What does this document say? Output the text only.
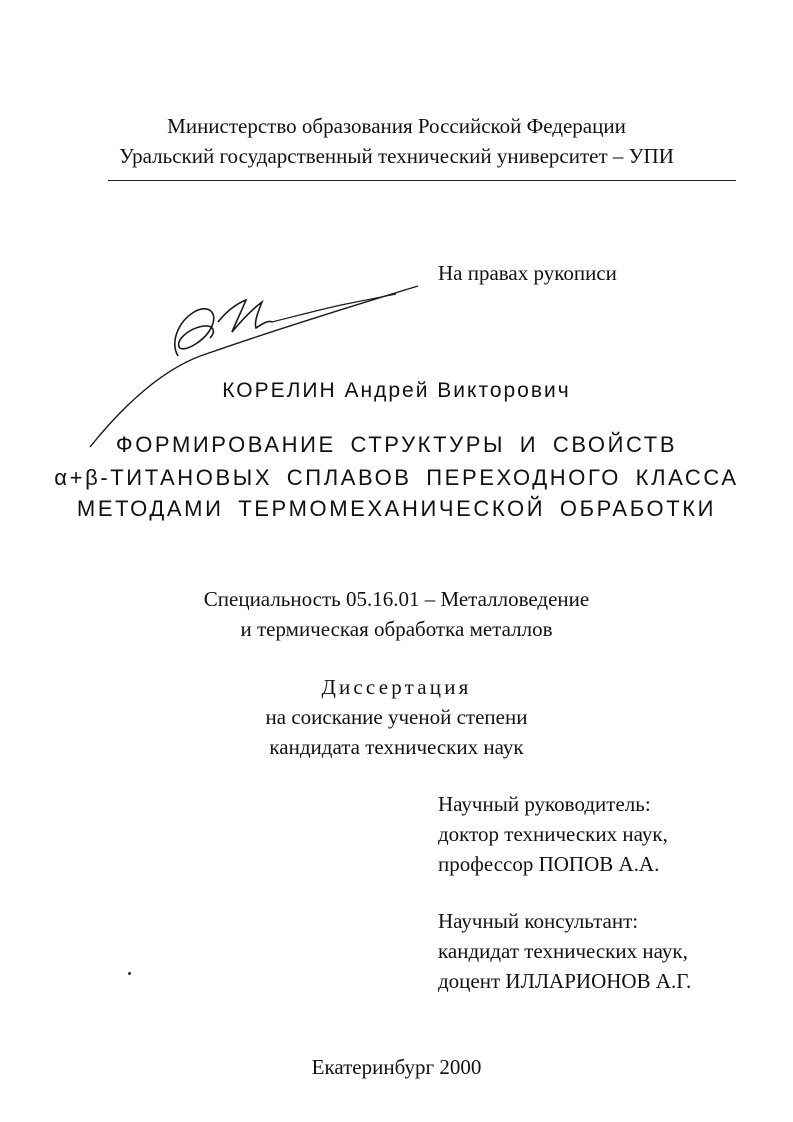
Министерство образования Российской Федерации
Уральский государственный технический университет – УПИ
На правах рукописи
КОРЕЛИН Андрей Викторович
ФОРМИРОВАНИЕ СТРУКТУРЫ И СВОЙСТВ
α+β-ТИТАНОВЫХ СПЛАВОВ ПЕРЕХОДНОГО КЛАССА
МЕТОДАМИ ТЕРМОМЕХАНИЧЕСКОЙ ОБРАБОТКИ
Специальность 05.16.01 – Металловедение
и термическая обработка металлов
Диссертация
на соискание ученой степени
кандидата технических наук
Научный руководитель:
доктор технических наук,
профессор ПОПОВ А.А.
Научный консультант:
кандидат технических наук,
доцент ИЛЛАРИОНОВ А.Г.
Екатеринбург 2000
